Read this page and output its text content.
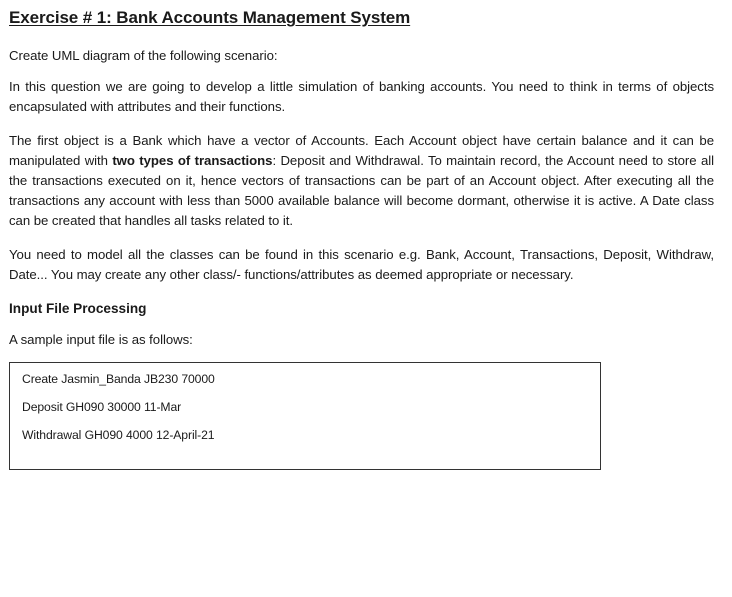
Exercise # 1: Bank Accounts Management System

Create UML diagram of the following scenario:

In this question we are going to develop a little simulation of banking accounts. You need to think in terms of objects encapsulated with attributes and their functions.

The first object is a Bank which have a vector of Accounts. Each Account object have certain balance and it can be manipulated with two types of transactions: Deposit and Withdrawal. To maintain record, the Account need to store all the transactions executed on it, hence vectors of transactions can be part of an Account object. After executing all the transactions any account with less than 5000 available balance will become dormant, otherwise it is active. A Date class can be created that handles all tasks related to it.

You need to model all the classes can be found in this scenario e.g. Bank, Account, Transactions, Deposit, Withdraw, Date... You may create any other class/- functions/attributes as deemed appropriate or necessary.

Input File Processing

A sample input file is as follows:

Create Jasmin_Banda JB230 70000
Deposit GH090 30000 11-Mar
Withdrawal GH090 4000 12-April-21
